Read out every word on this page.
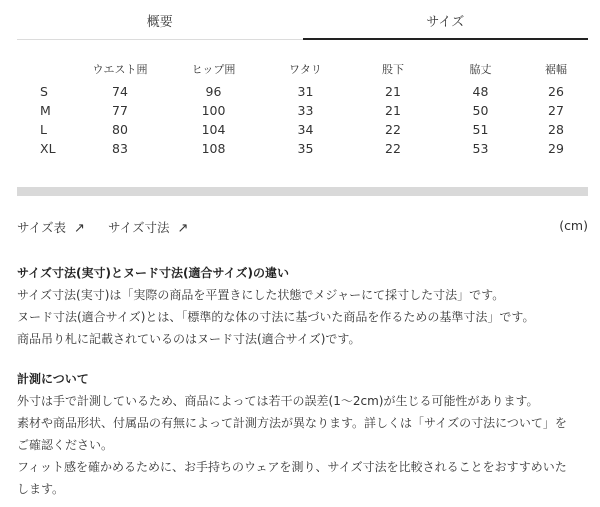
概要	サイズ
	ウエスト囲	ヒップ囲	ワタリ	股下	脇丈	裾幅
S	74	96	31	21	48	26
M	77	100	33	21	50	27
L	80	104	34	22	51	28
XL	83	108	35	22	53	29
サイズ表 ↗ サイズ寸法 ↗	(cm)
サイズ寸法(実寸)とヌード寸法(適合サイズ)の違い

サイズ寸法(実寸)は「実際の商品を平置きにした状態でメジャーにて採寸した寸法」です。

ヌード寸法(適合サイズ)とは、「標準的な体の寸法に基づいた商品を作るための基準寸法」です。

商品吊り札に記載されているのはヌード寸法(適合サイズ)です。

計測について

外寸は手で計測しているため、商品によっては若干の誤差(1〜2cm)が生じる可能性があります。

素材や商品形状、付属品の有無によって計測方法が異なります。詳しくは「サイズの寸法について」を

ご確認ください。

フィット感を確かめるために、お手持ちのウェアを測り、サイズ寸法を比較されることをおすすめいた

します。
